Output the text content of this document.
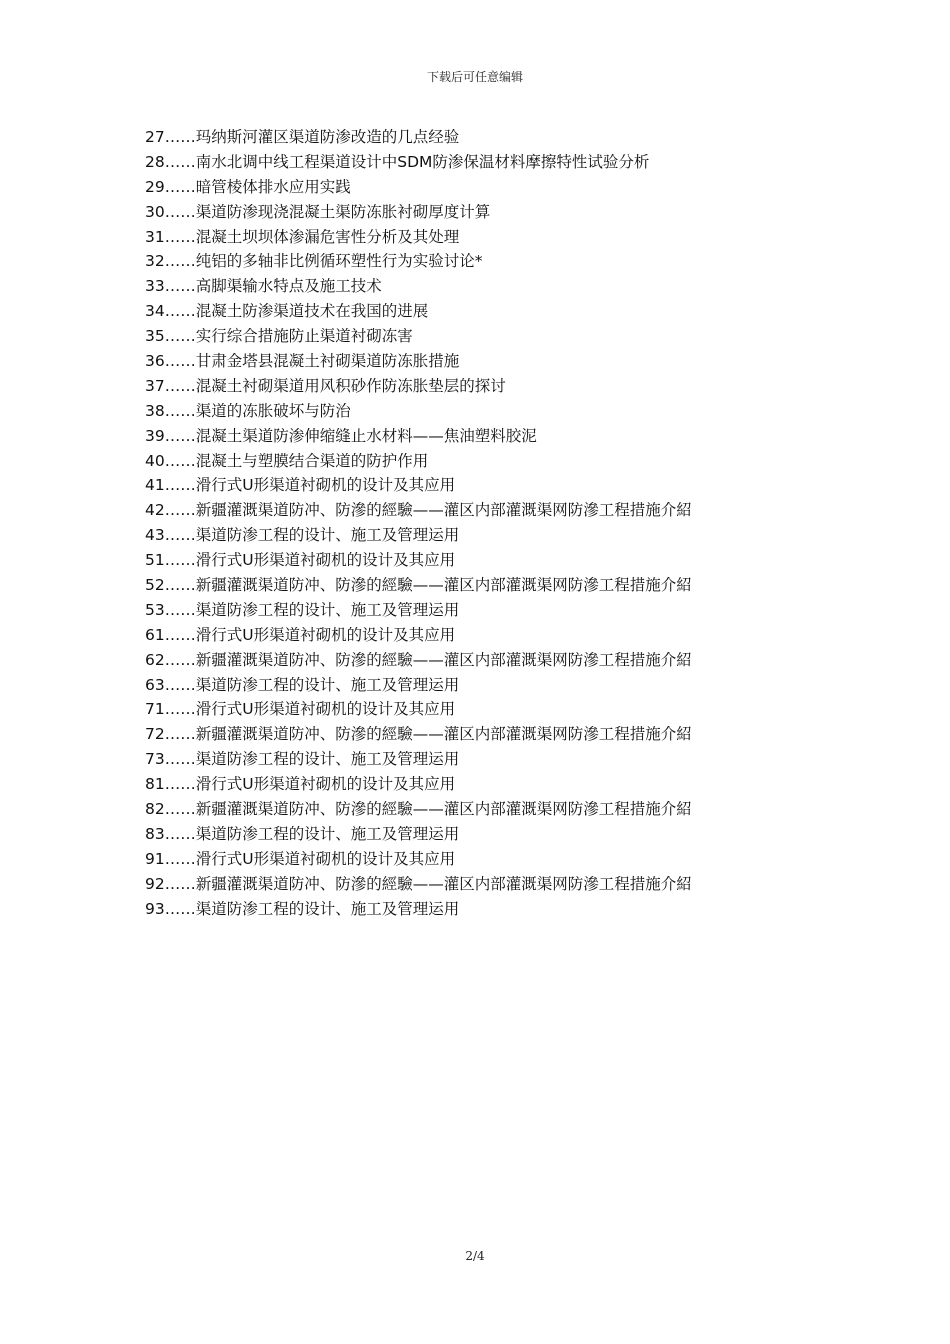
下载后可任意编辑
27……玛纳斯河灌区渠道防渗改造的几点经验
28……南水北调中线工程渠道设计中SDM防渗保温材料摩擦特性试验分析
29……暗管棱体排水应用实践
30……渠道防渗现浇混凝土渠防冻胀衬砌厚度计算
31……混凝土坝坝体渗漏危害性分析及其处理
32……纯铝的多轴非比例循环塑性行为实验讨论*
33……高脚渠输水特点及施工技术
34……混凝土防渗渠道技术在我国的进展
35……实行综合措施防止渠道衬砌冻害
36……甘肃金塔县混凝土衬砌渠道防冻胀措施
37……混凝土衬砌渠道用风积砂作防冻胀垫层的探讨
38……渠道的冻胀破坏与防治
39……混凝土渠道防渗伸缩缝止水材料——焦油塑料胶泥
40……混凝土与塑膜结合渠道的防护作用
41……滑行式U形渠道衬砌机的设计及其应用
42……新疆灌溉渠道防冲、防滲的經驗——灌区内部灌溉渠网防滲工程措施介紹
43……渠道防渗工程的设计、施工及管理运用
51……滑行式U形渠道衬砌机的设计及其应用
52……新疆灌溉渠道防冲、防滲的經驗——灌区内部灌溉渠网防滲工程措施介紹
53……渠道防渗工程的设计、施工及管理运用
61……滑行式U形渠道衬砌机的设计及其应用
62……新疆灌溉渠道防冲、防滲的經驗——灌区内部灌溉渠网防滲工程措施介紹
63……渠道防渗工程的设计、施工及管理运用
71……滑行式U形渠道衬砌机的设计及其应用
72……新疆灌溉渠道防冲、防滲的經驗——灌区内部灌溉渠网防滲工程措施介紹
73……渠道防渗工程的设计、施工及管理运用
81……滑行式U形渠道衬砌机的设计及其应用
82……新疆灌溉渠道防冲、防滲的經驗——灌区内部灌溉渠网防滲工程措施介紹
83……渠道防渗工程的设计、施工及管理运用
91……滑行式U形渠道衬砌机的设计及其应用
92……新疆灌溉渠道防冲、防滲的經驗——灌区内部灌溉渠网防滲工程措施介紹
93……渠道防渗工程的设计、施工及管理运用
2/4
